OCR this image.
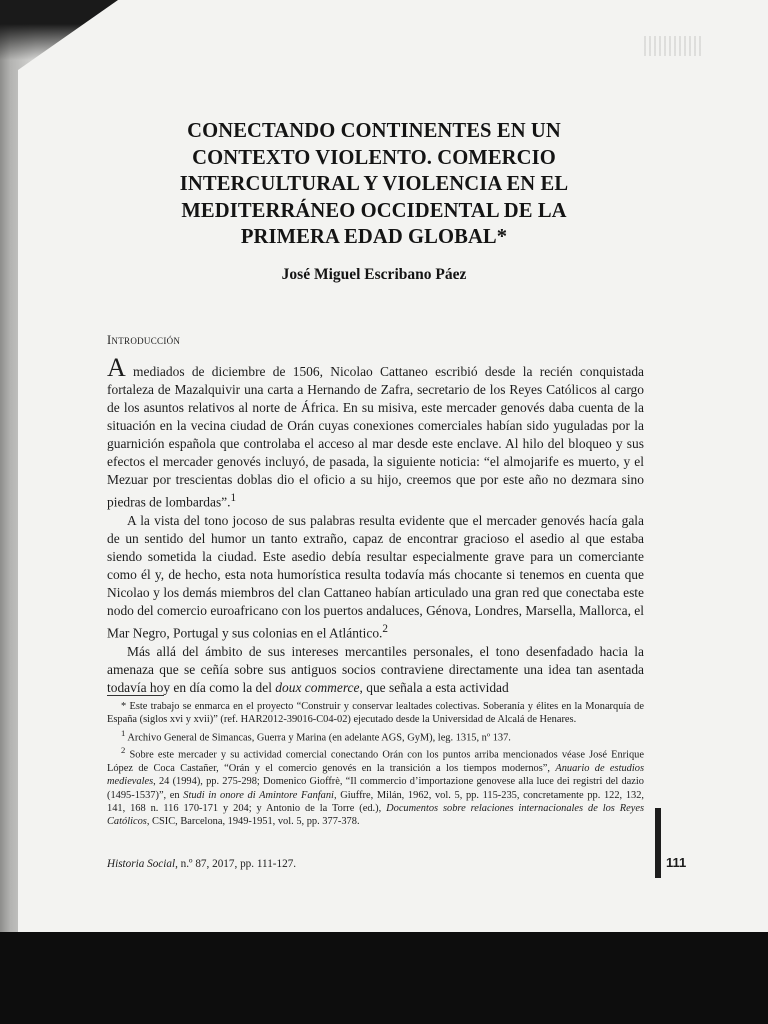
CONECTANDO CONTINENTES EN UN CONTEXTO VIOLENTO. COMERCIO INTERCULTURAL Y VIOLENCIA EN EL MEDITERRÁNEO OCCIDENTAL DE LA PRIMERA EDAD GLOBAL*

José Miguel Escribano Páez

Introducción

A mediados de diciembre de 1506, Nicolao Cattaneo escribió desde la recién conquistada fortaleza de Mazalquivir una carta a Hernando de Zafra, secretario de los Reyes Católicos al cargo de los asuntos relativos al norte de África. En su misiva, este mercader genovés daba cuenta de la situación en la vecina ciudad de Orán cuyas conexiones comerciales habían sido yuguladas por la guarnición española que controlaba el acceso al mar desde este enclave. Al hilo del bloqueo y sus efectos el mercader genovés incluyó, de pasada, la siguiente noticia: “el almojarife es muerto, y el Mezuar por trescientas doblas dio el oficio a su hijo, creemos que por este año no dezmara sino piedras de lombardas”.$^1$

A la vista del tono jocoso de sus palabras resulta evidente que el mercader genovés hacía gala de un sentido del humor un tanto extraño, capaz de encontrar gracioso el asedio al que estaba siendo sometida la ciudad. Este asedio debía resultar especialmente grave para un comerciante como él y, de hecho, esta nota humorística resulta todavía más chocante si tenemos en cuenta que Nicolao y los demás miembros del clan Cattaneo habían articulado una gran red que conectaba este nodo del comercio euroafricano con los puertos andaluces, Génova, Londres, Marsella, Mallorca, el Mar Negro, Portugal y sus colonias en el Atlántico.$^2$

Más allá del ámbito de sus intereses mercantiles personales, el tono desenfadado hacia la amenaza que se ceñía sobre sus antiguos socios contraviene directamente una idea tan asentada todavía hoy en día como la del doux commerce, que señala a esta actividad

* Este trabajo se enmarca en el proyecto “Construir y conservar lealtades colectivas. Soberanía y élites en la Monarquía de España (siglos xvi y xvii)” (ref. HAR2012-39016-C04-02) ejecutado desde la Universidad de Alcalá de Henares.

$^1$ Archivo General de Simancas, Guerra y Marina (en adelante AGS, GyM), leg. 1315, nº 137.

$^2$ Sobre este mercader y su actividad comercial conectando Orán con los puntos arriba mencionados véase José Enrique López de Coca Castañer, “Orán y el comercio genovés en la transición a los tiempos modernos”, Anuario de estudios medievales, 24 (1994), pp. 275-298; Domenico Gioffrè, “Il commercio d’importazione genovese alla luce dei registri del dazio (1495-1537)”, en Studi in onore di Amintore Fanfani, Giuffre, Milán, 1962, vol. 5, pp. 115-235, concretamente pp. 122, 132, 141, 168 n. 116 170-171 y 204; y Antonio de la Torre (ed.), Documentos sobre relaciones internacionales de los Reyes Católicos, CSIC, Barcelona, 1949-1951, vol. 5, pp. 377-378.

Historia Social, n.º 87, 2017, pp. 111-127.	111
